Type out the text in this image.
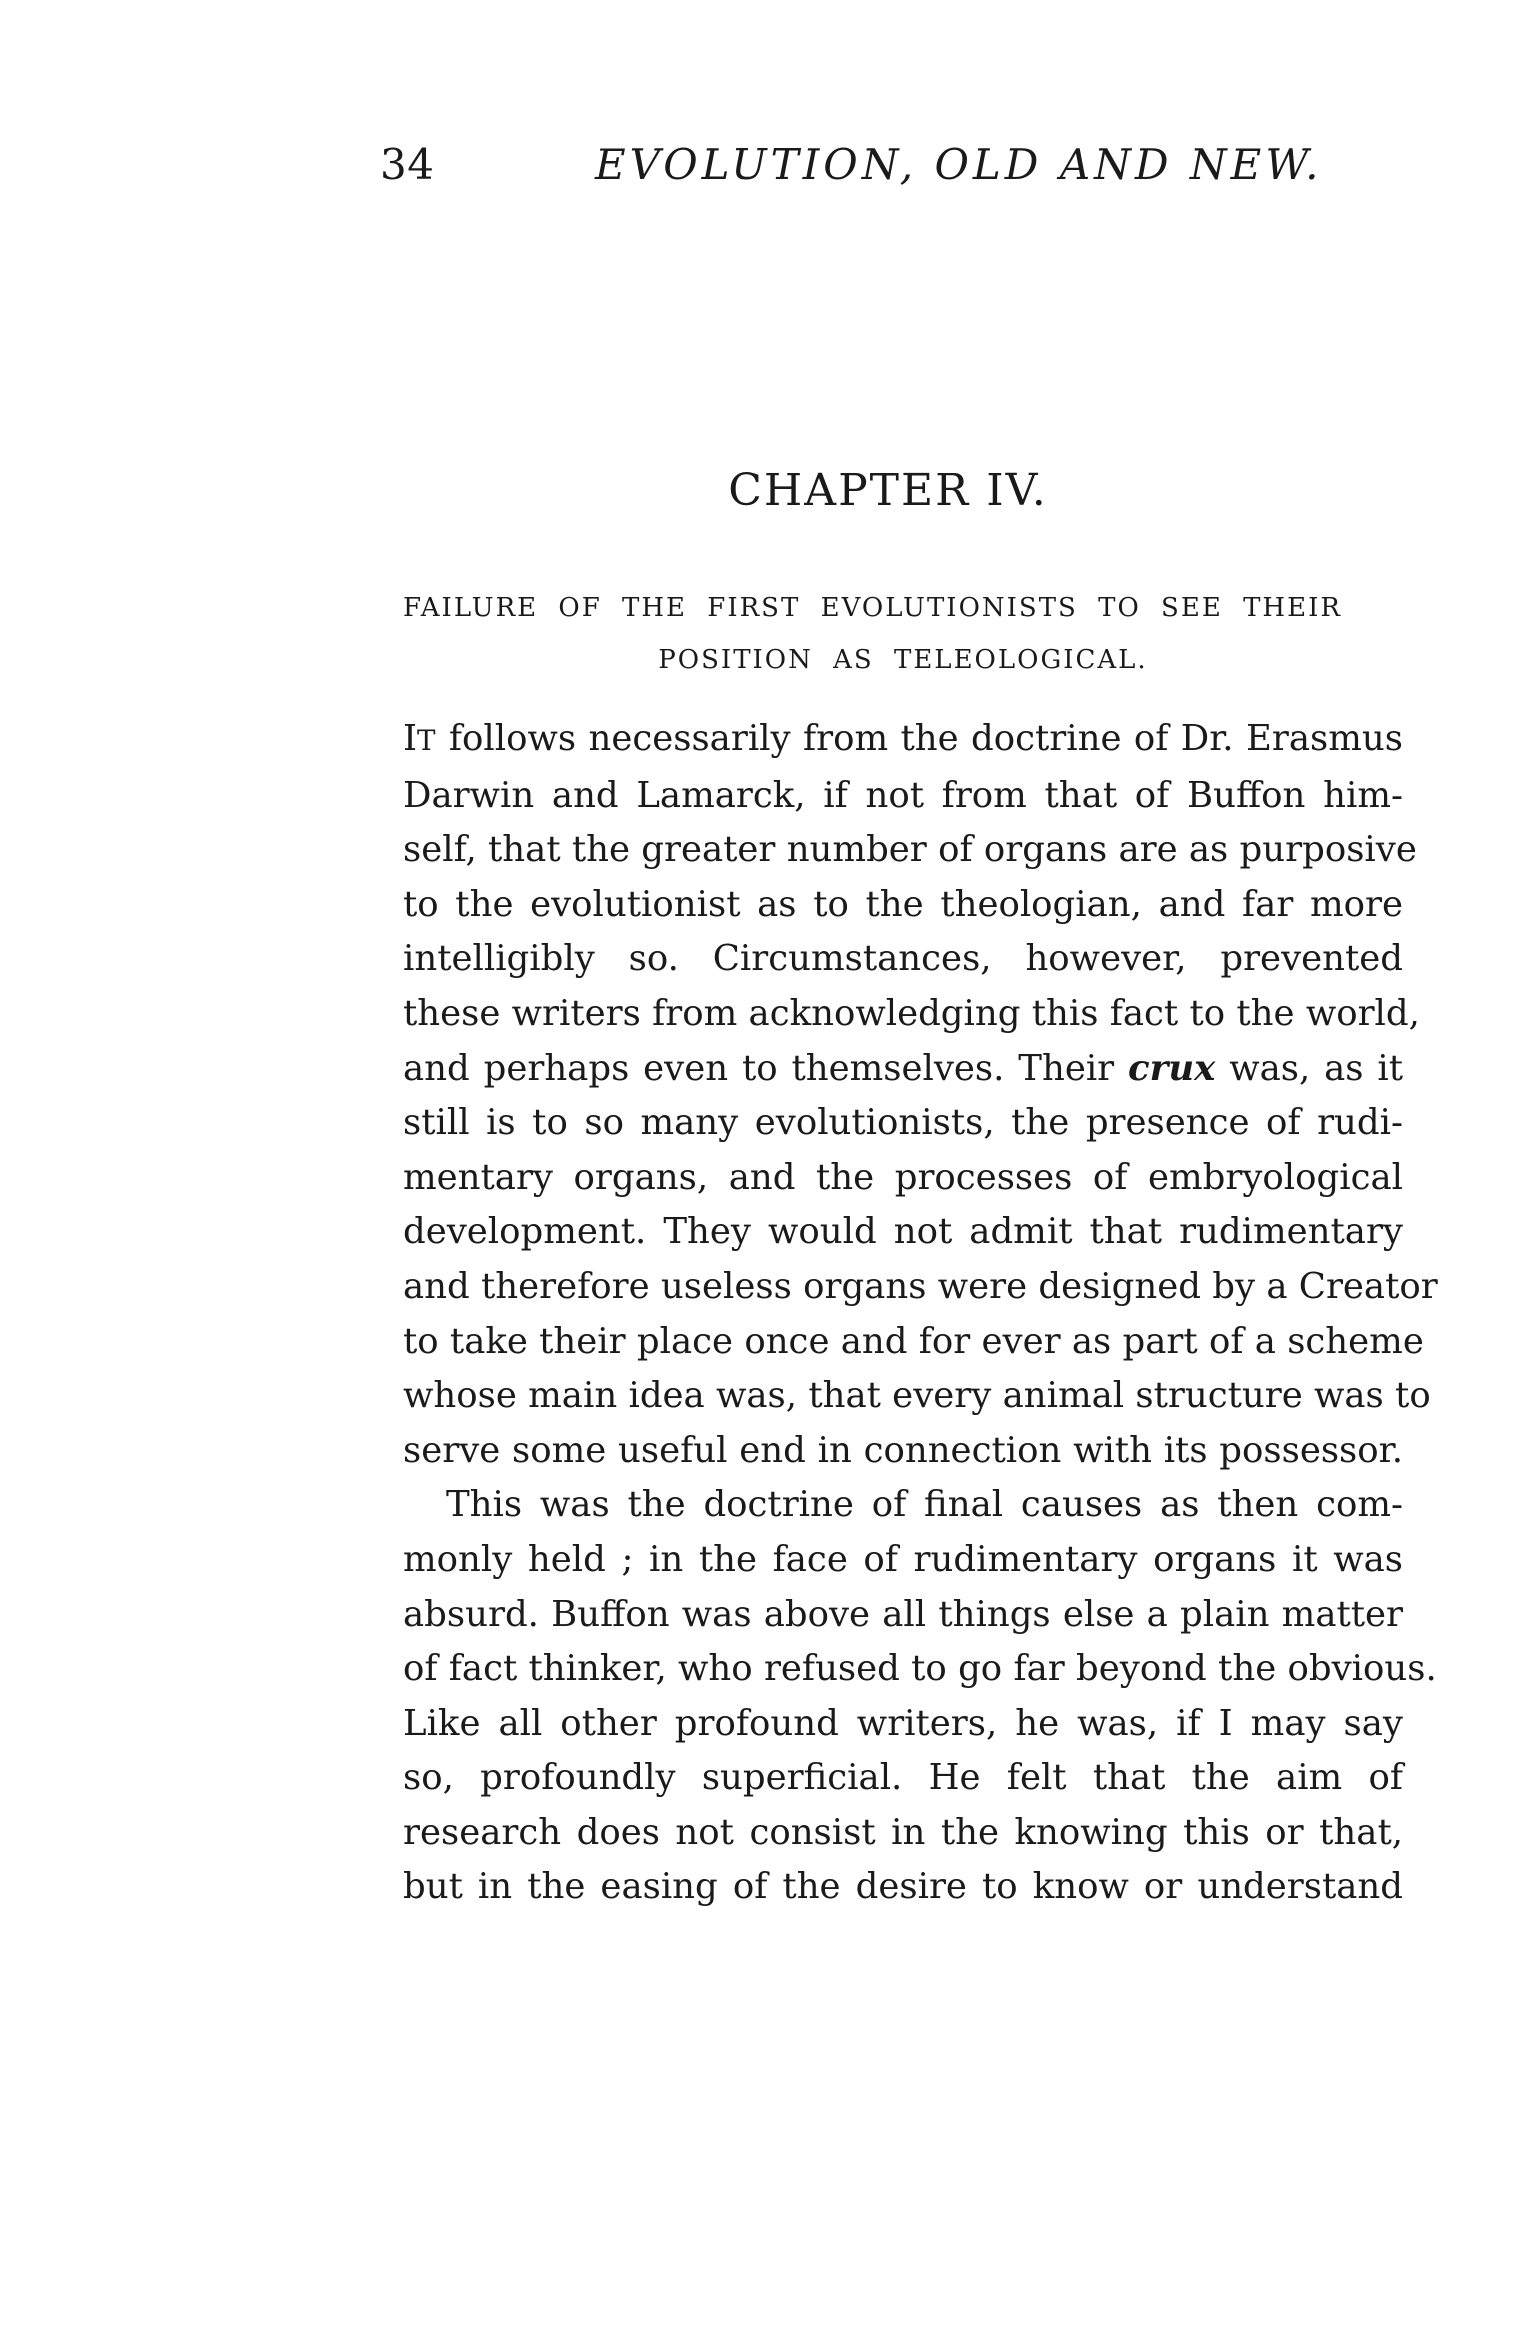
34	EVOLUTION, OLD AND NEW.
CHAPTER IV.
FAILURE OF THE FIRST EVOLUTIONISTS TO SEE THEIR
POSITION AS TELEOLOGICAL.

IT follows necessarily from the doctrine of Dr. Erasmus
Darwin and Lamarck, if not from that of Buffon him-
self, that the greater number of organs are as purposive
to the evolutionist as to the theologian, and far more
intelligibly so. Circumstances, however, prevented
these writers from acknowledging this fact to the world,
and perhaps even to themselves. Their crux was, as it
still is to so many evolutionists, the presence of rudi-
mentary organs, and the processes of embryological
development. They would not admit that rudimentary
and therefore useless organs were designed by a Creator
to take their place once and for ever as part of a scheme
whose main idea was, that every animal structure was to
serve some useful end in connection with its possessor.

This was the doctrine of final causes as then com-
monly held ; in the face of rudimentary organs it was
absurd. Buffon was above all things else a plain matter
of fact thinker, who refused to go far beyond the obvious.
Like all other profound writers, he was, if I may say
so, profoundly superficial. He felt that the aim of
research does not consist in the knowing this or that,
but in the easing of the desire to know or understand
